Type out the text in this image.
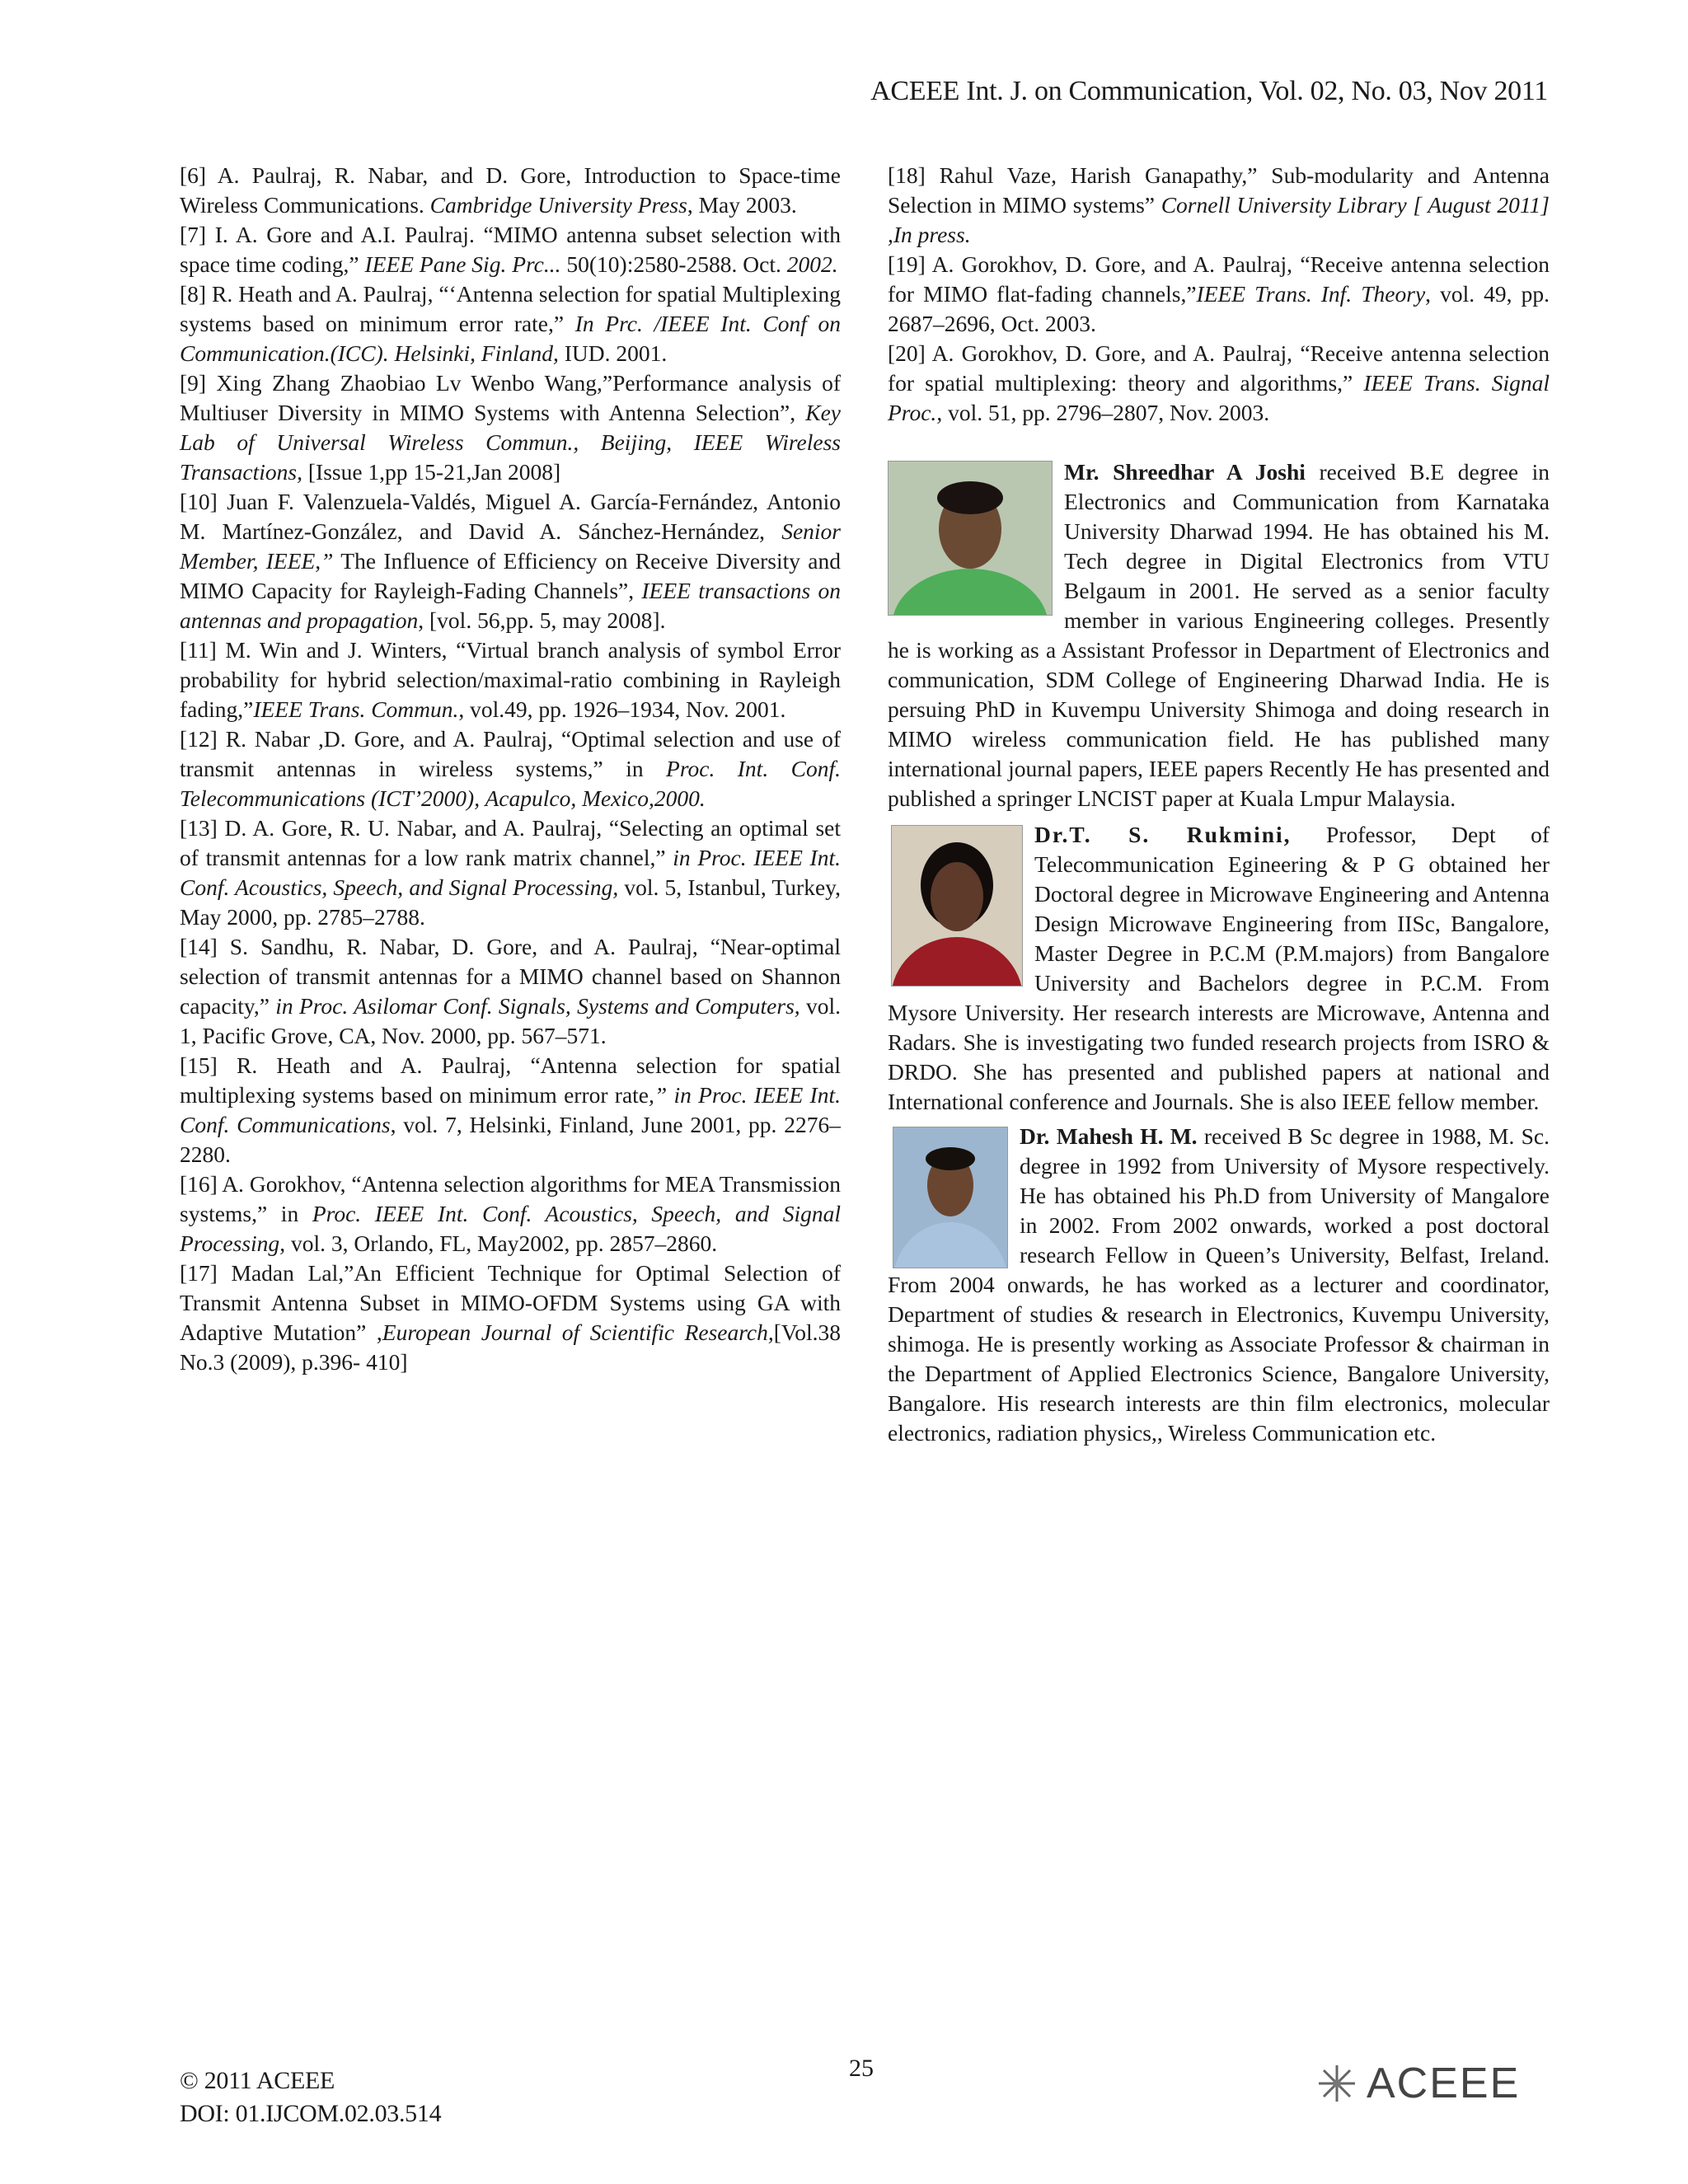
ACEEE Int. J. on Communication, Vol. 02, No. 03, Nov 2011
[6] A. Paulraj, R. Nabar, and D. Gore, Introduction to Space-time Wireless Communications. Cambridge University Press, May 2003.
[7] I. A. Gore and A.I. Paulraj. “MIMO antenna subset selection with space time coding,” IEEE Pane Sig. Prc... 50(10):2580-2588. Oct. 2002.
[8] R. Heath and A. Paulraj, “‘Antenna selection for spatial Multiplexing systems based on minimum error rate,” In Prc. /IEEE Int. Conf on Communication.(ICC). Helsinki, Finland, IUD. 2001.
[9] Xing Zhang Zhaobiao Lv Wenbo Wang,”Performance analysis of Multiuser Diversity in MIMO Systems with Antenna Selection”, Key Lab of Universal Wireless Commun., Beijing, IEEE Wireless Transactions, [Issue 1,pp 15-21,Jan 2008]
[10] Juan F. Valenzuela-Valdés, Miguel A. García-Fernández, Antonio M. Martínez-González, and David A. Sánchez-Hernández, Senior Member, IEEE,” The Influence of Efficiency on Receive Diversity and MIMO Capacity for Rayleigh-Fading Channels”, IEEE transactions on antennas and propagation, [vol. 56,pp. 5, may 2008].
[11] M. Win and J. Winters, “Virtual branch analysis of symbol Error probability for hybrid selection/maximal-ratio combining in Rayleigh fading,”IEEE Trans. Commun., vol.49, pp. 1926–1934, Nov. 2001.
[12] R. Nabar ,D. Gore, and A. Paulraj, “Optimal selection and use of transmit antennas in wireless systems,” in Proc. Int. Conf. Telecommunications (ICT’2000), Acapulco, Mexico,2000.
[13] D. A. Gore, R. U. Nabar, and A. Paulraj, “Selecting an optimal set of transmit antennas for a low rank matrix channel,” in Proc. IEEE Int. Conf. Acoustics, Speech, and Signal Processing, vol. 5, Istanbul, Turkey, May 2000, pp. 2785–2788.
[14] S. Sandhu, R. Nabar, D. Gore, and A. Paulraj, “Near-optimal selection of transmit antennas for a MIMO channel based on Shannon capacity,” in Proc. Asilomar Conf. Signals, Systems and Computers, vol. 1, Pacific Grove, CA, Nov. 2000, pp. 567–571.
[15] R. Heath and A. Paulraj, “Antenna selection for spatial multiplexing systems based on minimum error rate,” in Proc. IEEE Int. Conf. Communications, vol. 7, Helsinki, Finland, June 2001, pp. 2276–2280.
[16] A. Gorokhov, “Antenna selection algorithms for MEA Transmission systems,” in Proc. IEEE Int. Conf. Acoustics, Speech, and Signal Processing, vol. 3, Orlando, FL, May2002, pp. 2857–2860.
[17] Madan Lal,”An Efficient Technique for Optimal Selection of Transmit Antenna Subset in MIMO-OFDM Systems using GA with Adaptive Mutation” ,European Journal of Scientific Research,[Vol.38 No.3 (2009), p.396- 410]
[18] Rahul Vaze, Harish Ganapathy,” Sub-modularity and Antenna Selection in MIMO systems” Cornell University Library [ August 2011] ,In press.
[19] A. Gorokhov, D. Gore, and A. Paulraj, “Receive antenna selection for MIMO flat-fading channels,”IEEE Trans. Inf. Theory, vol. 49, pp. 2687–2696, Oct. 2003.
[20] A. Gorokhov, D. Gore, and A. Paulraj, “Receive antenna selection for spatial multiplexing: theory and algorithms,” IEEE Trans. Signal Proc., vol. 51, pp. 2796–2807, Nov. 2003.
Mr. Shreedhar A Joshi received B.E degree in Electronics and Communication from Karnataka University Dharwad 1994. He has obtained his M. Tech degree in Digital Electronics from VTU Belgaum in 2001. He served as a senior faculty member in various Engineering colleges. Presently he is working as a Assistant Professor in Department of Electronics and communication, SDM College of Engineering Dharwad India. He is persuing PhD in Kuvempu University Shimoga and doing research in MIMO wireless communication field. He has published many international journal papers, IEEE papers Recently He has presented and published a springer LNCIST paper at Kuala Lmpur Malaysia.
Dr.T. S. Rukmini, Professor, Dept of Telecommunication Egineering & P G obtained her Doctoral degree in Microwave Engineering and Antenna Design Microwave Engineering from IISc, Bangalore, Master Degree in P.C.M (P.M.majors) from Bangalore University and Bachelors degree in P.C.M. From Mysore University. Her research interests are Microwave, Antenna and Radars. She is investigating two funded research projects from ISRO & DRDO. She has presented and published papers at national and International conference and Journals. She is also IEEE fellow member.
Dr. Mahesh H. M. received B Sc degree in 1988, M. Sc. degree in 1992 from University of Mysore respectively. He has obtained his Ph.D from University of Mangalore in 2002. From 2002 onwards, worked a post doctoral research Fellow in Queen’s University, Belfast, Ireland. From 2004 onwards, he has worked as a lecturer and coordinator, Department of studies & research in Electronics, Kuvempu University, shimoga. He is presently working as Associate Professor & chairman in the Department of Applied Electronics Science, Bangalore University, Bangalore. His research interests are thin film electronics, molecular electronics, radiation physics,, Wireless Communication etc.
25
© 2011 ACEEE
DOI: 01.IJCOM.02.03.514
ACEEE
